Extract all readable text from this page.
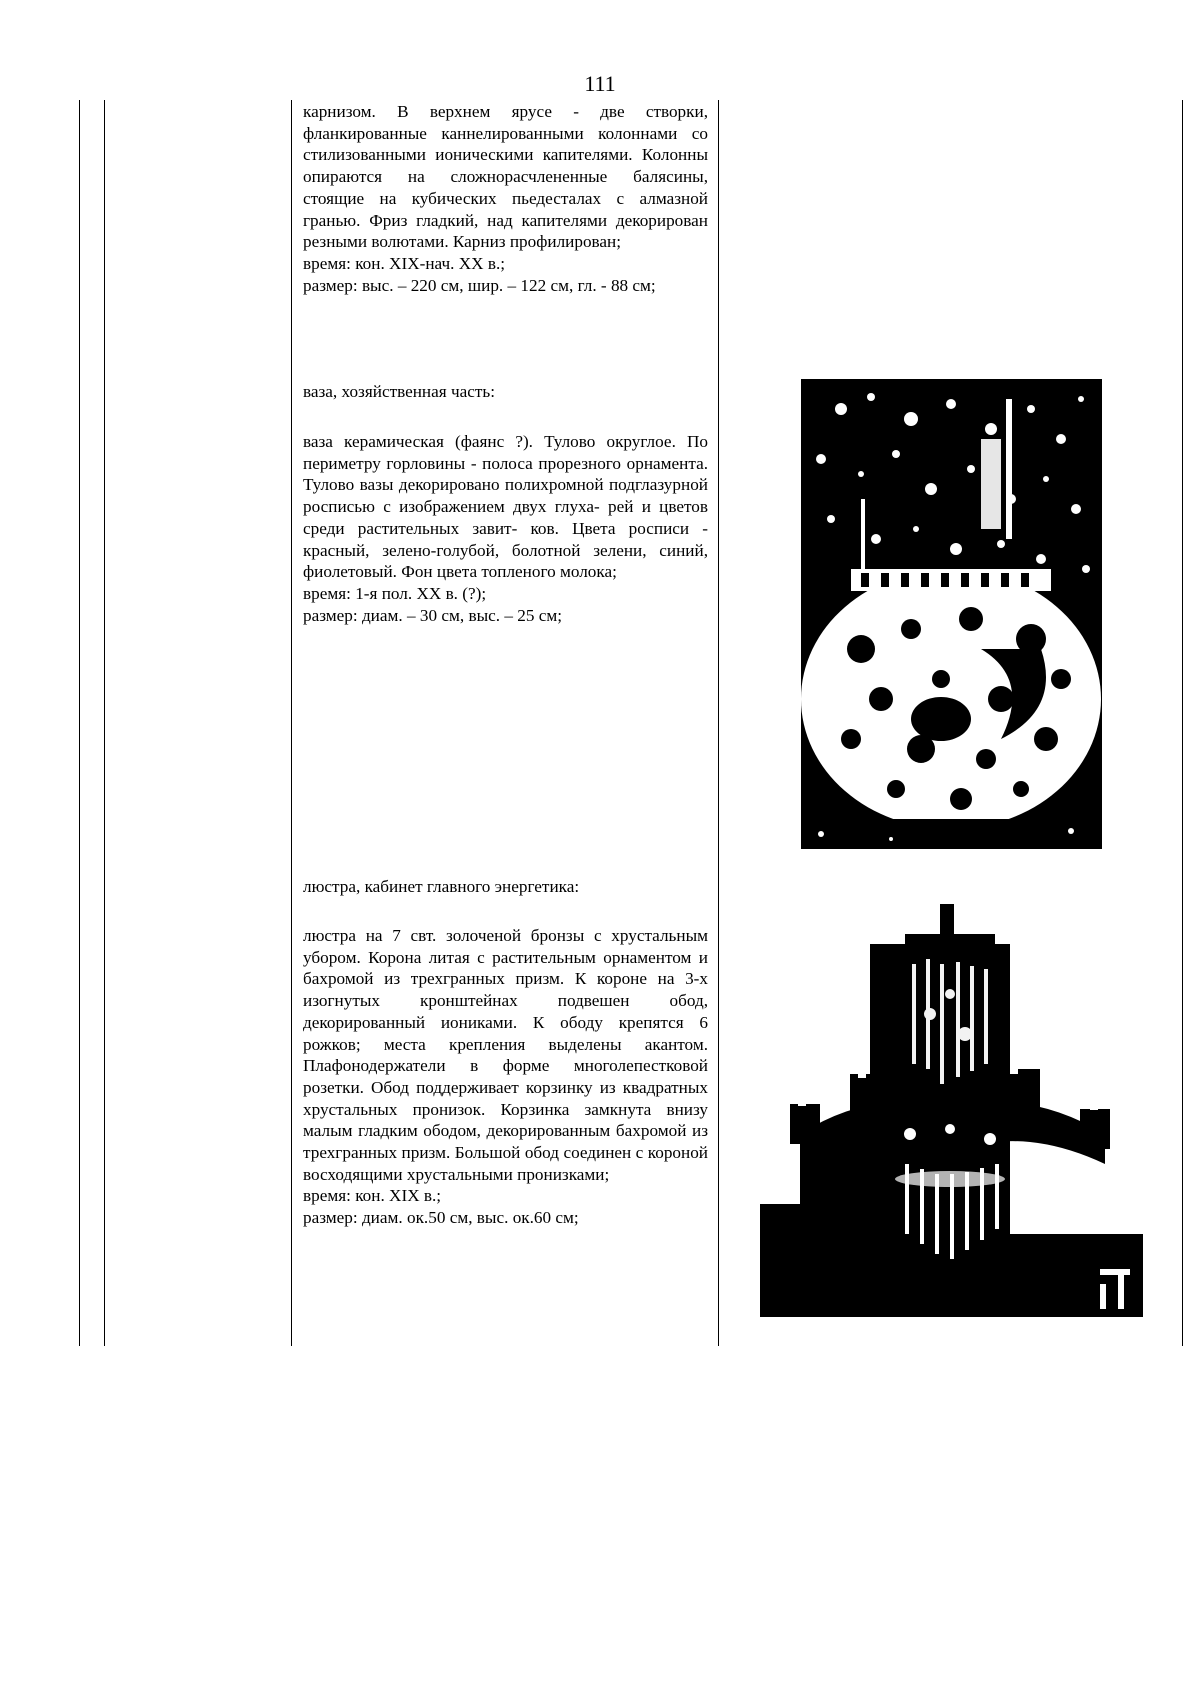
111

карнизом. В верхнем ярусе - две створки, фланкированные каннелированными колоннами со стилизованными ионическими капителями. Колонны опираются на сложнорасчлененные балясины, стоящие на кубических пьедесталах с алмазной гранью. Фриз гладкий, над капителями декорирован резными волютами. Карниз профилирован;

время: кон. XIX-нач. XX в.;

размер: выс. – 220 см, шир. – 122 см, гл. - 88 см;

ваза, хозяйственная часть:

ваза керамическая (фаянс ?). Тулово округлое. По периметру горловины - полоса прорезного орнамента. Тулово вазы декорировано полихромной подглазурной росписью с изображением двух глуха- рей и цветов среди растительных завит- ков. Цвета росписи - красный, зелено-голубой, болотной зелени, синий, фиолетовый. Фон цвета топленого молока;

время: 1-я пол. XX в. (?);

размер: диам. – 30 см, выс. – 25 см;

люстра, кабинет главного энергетика:

люстра на 7 свт. золоченой бронзы с хрустальным убором. Корона литая с растительным орнаментом и бахромой из трехгранных призм. К короне на 3-х изогнутых кронштейнах подвешен обод, декорированный иониками. К ободу крепятся 6 рожков; места крепления выделены акантом. Плафонодержатели в форме многолепестковой розетки. Обод поддерживает корзинку из квадратных хрустальных пронизок. Корзинка замкнута внизу малым гладким ободом, декорированным бахромой из трехгранных призм. Большой обод соединен с короной восходящими хрустальными пронизками;

время: кон. XIX в.;

размер: диам. ок.50 см, выс. ок.60 см;
